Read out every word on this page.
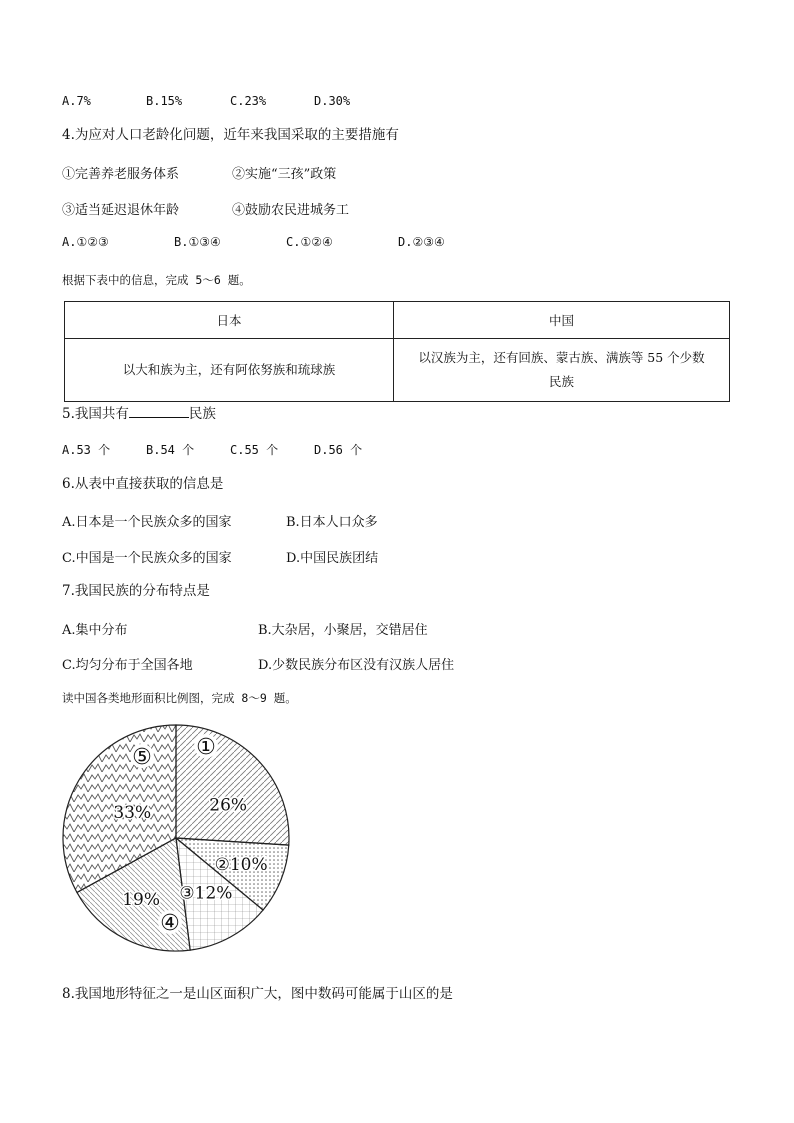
A.7%	B.15%	C.23%	D.30%
4.为应对人口老龄化问题，近年来我国采取的主要措施有
①完善养老服务体系	②实施“三孩”政策
③适当延迟退休年龄	④鼓励农民进城务工
A.①②③	B.①③④	C.①②④	D.②③④
根据下表中的信息，完成 5～6 题。
日本	中国
以大和族为主，还有阿依努族和琉球族	以汉族为主，还有回族、蒙古族、满族等 55 个少数
民族
5.我国共有	民族
A.53 个	B.54 个	C.55 个	D.56 个
6.从表中直接获取的信息是
A.日本是一个民族众多的国家	B.日本人口众多
C.中国是一个民族众多的国家	D.中国民族团结
7.我国民族的分布特点是
A.集中分布	B.大杂居，小聚居，交错居住
C.均匀分布于全国各地	D.少数民族分布区没有汉族人居住
读中国各类地形面积比例图，完成 8～9 题。
26%
②10%
③12%
19%
33%
⑤ ①
④
8.我国地形特征之一是山区面积广大，图中数码可能属于山区的是
